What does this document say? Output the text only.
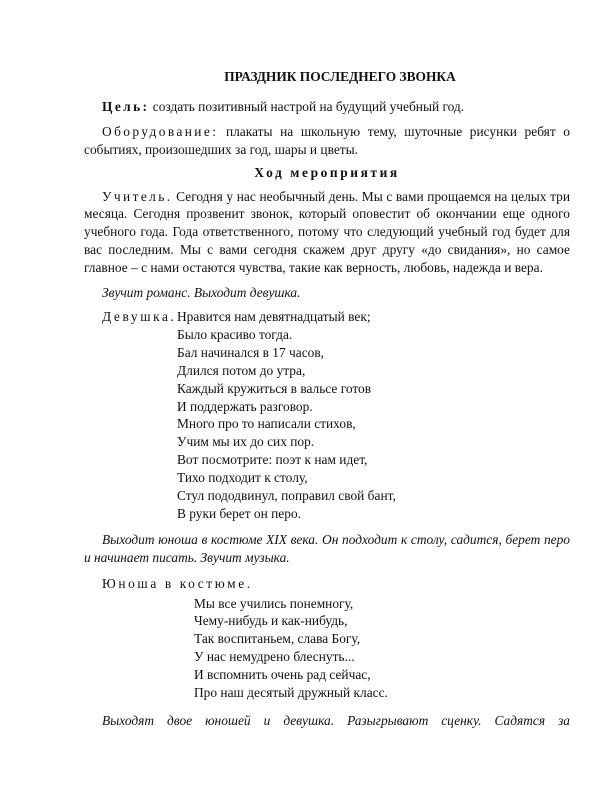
ПРАЗДНИК ПОСЛЕДНЕГО ЗВОНКА

Цель: создать позитивный настрой на будущий учебный год.

Оборудование: плакаты на школьную тему, шуточные рисунки ребят о событиях, произошедших за год, шары и цветы.

Ход мероприятия

Учитель. Сегодня у нас необычный день. Мы с вами прощаемся на целых три месяца. Сегодня прозвенит звонок, который оповестит об окончании еще одного учебного года. Года ответственного, потому что следующий учебный год будет для вас последним. Мы с вами сегодня скажем друг другу «до свидания», но самое главное – с нами остаются чувства, такие как верность, любовь, надежда и вера.

Звучит романс. Выходит девушка.

Девушка. Нравится нам девятнадцатый век;
Было красиво тогда.
Бал начинался в 17 часов,
Длился потом до утра,
Каждый кружиться в вальсе готов
И поддержать разговор.
Много про то написали стихов,
Учим мы их до сих пор.
Вот посмотрите: поэт к нам идет,
Тихо подходит к столу,
Стул пододвинул, поправил свой бант,
В руки берет он перо.

Выходит юноша в костюме XIX века. Он подходит к столу, садится, берет перо и начинает писать. Звучит музыка.

Юноша в костюме.

Мы все учились понемногу,
Чему-нибудь и как-нибудь,
Так воспитаньем, слава Богу,
У нас немудрено блеснуть...
И вспомнить очень рад сейчас,
Про наш десятый дружный класс.

Выходят двое юношей и девушка. Разыгрывают сценку. Садятся за
